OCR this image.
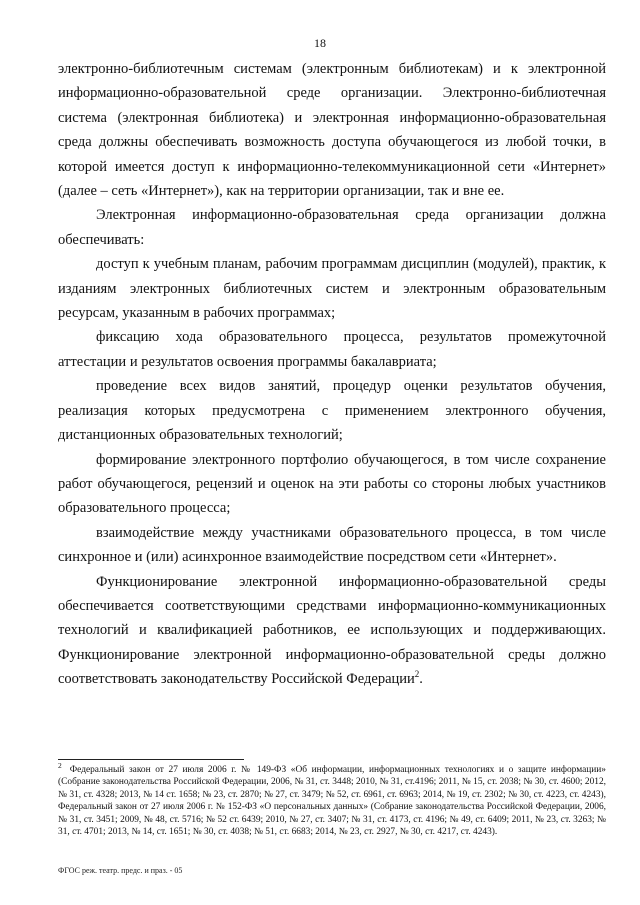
18

электронно-библиотечным системам (электронным библиотекам) и к электронной информационно-образовательной среде организации. Электронно-библиотечная система (электронная библиотека) и электронная информационно-образовательная среда должны обеспечивать возможность доступа обучающегося из любой точки, в которой имеется доступ к информационно-телекоммуникационной сети «Интернет» (далее – сеть «Интернет»), как на территории организации, так и вне ее.

Электронная информационно-образовательная среда организации должна обеспечивать:

доступ к учебным планам, рабочим программам дисциплин (модулей), практик, к изданиям электронных библиотечных систем и электронным образовательным ресурсам, указанным в рабочих программах;

фиксацию хода образовательного процесса, результатов промежуточной аттестации и результатов освоения программы бакалавриата;

проведение всех видов занятий, процедур оценки результатов обучения, реализация которых предусмотрена с применением электронного обучения, дистанционных образовательных технологий;

формирование электронного портфолио обучающегося, в том числе сохранение работ обучающегося, рецензий и оценок на эти работы со стороны любых участников образовательного процесса;

взаимодействие между участниками образовательного процесса, в том числе синхронное и (или) асинхронное взаимодействие посредством сети «Интернет».

Функционирование электронной информационно-образовательной среды обеспечивается соответствующими средствами информационно-коммуникационных технологий и квалификацией работников, ее использующих и поддерживающих. Функционирование электронной информационно-образовательной среды должно соответствовать законодательству Российской Федерации$^2$.

$^2$ Федеральный закон от 27 июля 2006 г. № 149-ФЗ «Об информации, информационных технологиях и о защите информации» (Собрание законодательства Российской Федерации, 2006, № 31, ст. 3448; 2010, № 31, ст.4196; 2011, № 15, ст. 2038; № 30, ст. 4600; 2012, № 31, ст. 4328; 2013, № 14 ст. 1658; № 23, ст. 2870; № 27, ст. 3479; № 52, ст. 6961, ст. 6963; 2014, № 19, ст. 2302; № 30, ст. 4223, ст. 4243), Федеральный закон от 27 июля 2006 г. № 152-ФЗ «О персональных данных» (Собрание законодательства Российской Федерации, 2006, № 31, ст. 3451; 2009, № 48, ст. 5716; № 52 ст. 6439; 2010, № 27, ст. 3407; № 31, ст. 4173, ст. 4196; № 49, ст. 6409; 2011, № 23, ст. 3263; № 31, ст. 4701; 2013, № 14, ст. 1651; № 30, ст. 4038; № 51, ст. 6683; 2014, № 23, ст. 2927, № 30, ст. 4217, ст. 4243).
ФГОС реж. театр. предс. и праз. - 05
